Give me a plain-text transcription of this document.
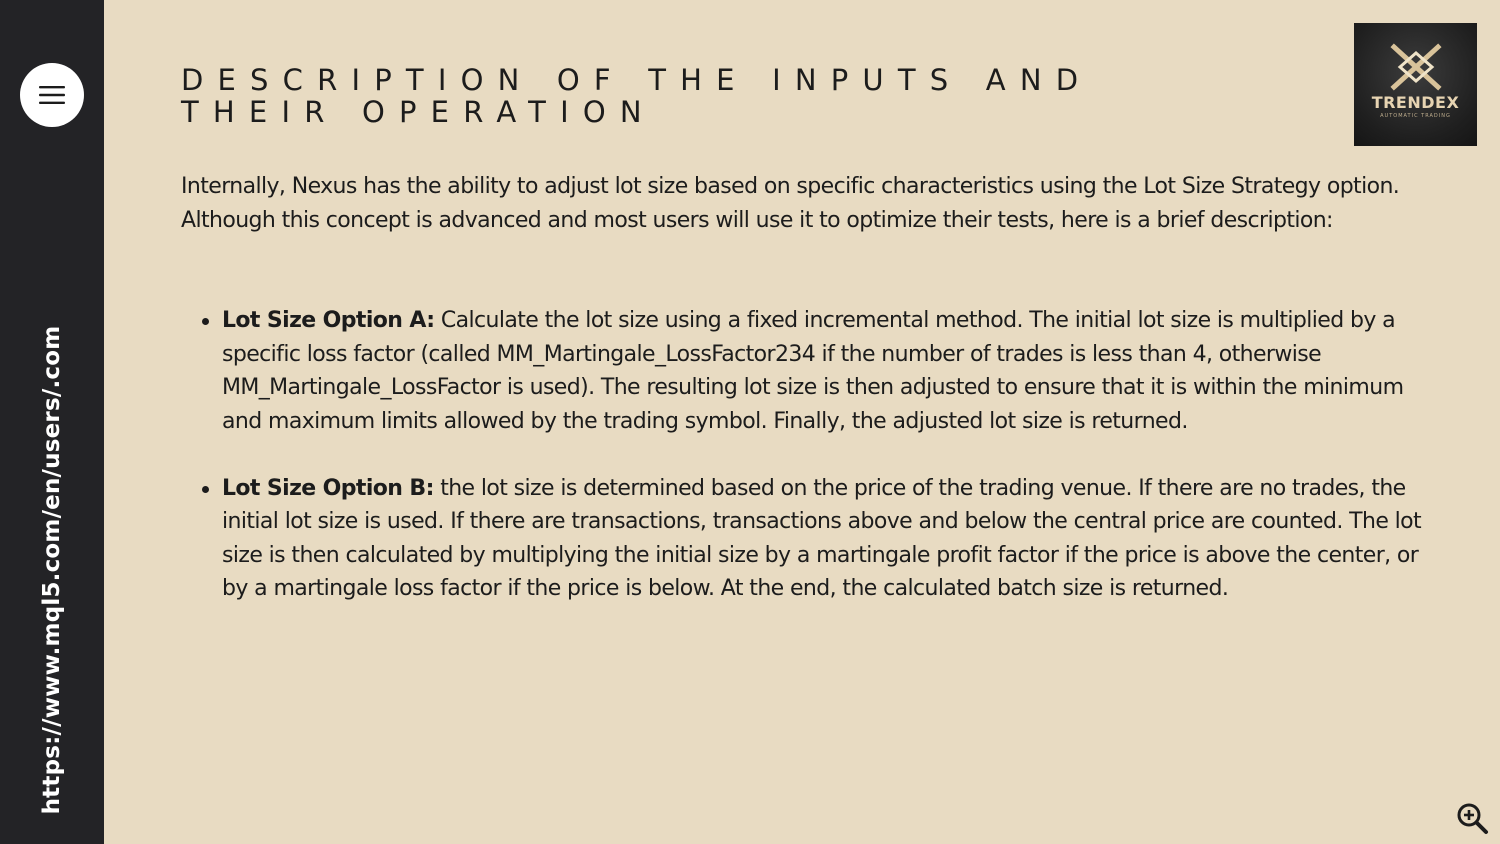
https://www.mql5.com/en/users/.com
TRENDEX
AUTOMATIC TRADING
DESCRIPTION OF THE INPUTS AND
THEIR OPERATION

Internally, Nexus has the ability to adjust lot size based on specific characteristics using the Lot Size Strategy option. Although this concept is advanced and most users will use it to optimize their tests, here is a brief description:

Lot Size Option A: Calculate the lot size using a fixed incremental method. The initial lot size is multiplied by a specific loss factor (called MM_Martingale_LossFactor234 if the number of trades is less than 4, otherwise MM_Martingale_LossFactor is used). The resulting lot size is then adjusted to ensure that it is within the minimum and maximum limits allowed by the trading symbol. Finally, the adjusted lot size is returned.
Lot Size Option B: the lot size is determined based on the price of the trading venue. If there are no trades, the initial lot size is used. If there are transactions, transactions above and below the central price are counted. The lot size is then calculated by multiplying the initial size by a martingale profit factor if the price is above the center, or by a martingale loss factor if the price is below. At the end, the calculated batch size is returned.
